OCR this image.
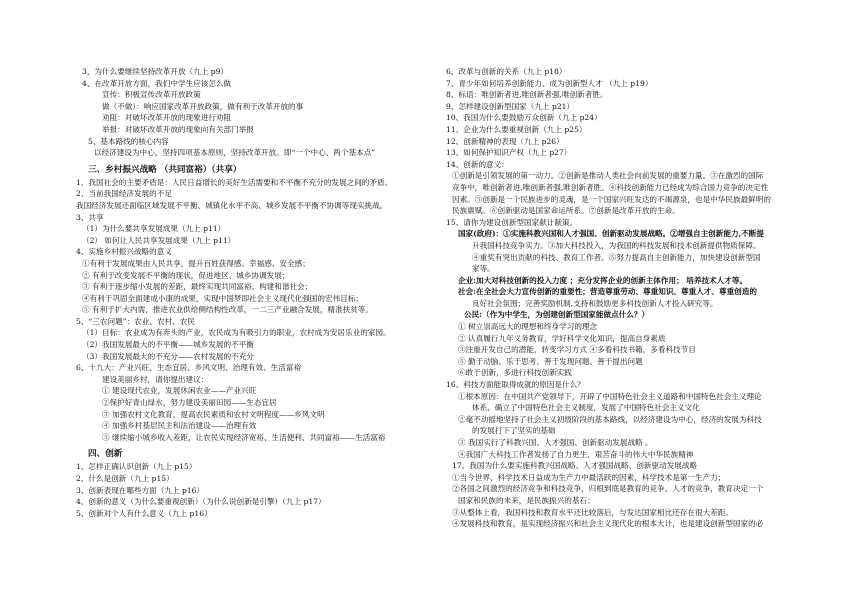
3、为什么要继续坚持改革开放（九上 p9）
4、在改革开放方面，我们中学生应该怎么做
宣传：积极宣传改革开放政策
做（不做）：响应国家改革开放政策，做有利于改革开放的事
劝阻：对破坏改革开放的现象进行劝阻
举报：对破坏改革开放的现象向有关部门举报
5、基本路线的核心内容
以经济建设为中心，坚持四项基本原则，坚持改革开放。即“一个中心、两个基本点”
三、乡村振兴战略 （共同富裕）（共享）
1、我国社会的主要矛盾是：人民日益增长的美好生活需要和不平衡不充分的发展之间的矛盾。
2、当前我国经济发展的不足
我国经济发展还面临区域发展不平衡、城镇化水平不高、城乡发展不平衡不协调等现实挑战。
3、共享
（1）为什么要共享发展成果（九上 p11）
（2） 如何让人民共享发展成果（九上 p11）
4、实施乡村振兴战略的意义
①有利于发展成果由人民共享，提升百姓获得感、幸福感、安全感；
② 有利于改变发展不平衡的现状，促进地区、城乡协调发展；
③ 有利于逐步缩小发展的差距，最终实现共同富裕、构建和谐社会；
④有利于巩固全面建成小康的成果，实现中国梦即社会主义现代化强国的宏伟目标；
⑤ 有利于扩大内需，推进农业供给侧结构性改革，一二三产业融合发展，精准扶贫等。
5、“三农问题”：农业、农村、农民
（1）目标：农业成为有奔头的产业，农民成为有吸引力的职业，农村成为安居乐业的家园。
（2）我国发展最大的不平衡——城乡发展的不平衡
（3）我国发展最大的不充分——农村发展的不充分
6、十九大：产业兴旺、生态宜居、乡风文明、治理有效、生活富裕
建设美丽乡村，请你提出建议：
① 建设现代农业，发展休闲农业——产业兴旺
②保护好青山绿水，努力建设美丽田园——生态宜居
③ 加强农村文化教育，提高农民素质和农村文明程度——乡风文明
④ 加强乡村基层民主和法治建设——治理有效
⑤ 继续缩小城乡收入差距，让农民实现经济宽裕、生活便利、共同富裕——生活富裕
四、创新
1、怎样正确认识创新（九上 p15）
2、什么是创新（九上 p15）
3、创新表现在哪些方面（九上 p16）
4、创新的意义（为什么要重视创新）（为什么说创新是引擎）（九上 p17）
5、创新对个人有什么意义（九上 p16）
6、改革与创新的关系（九上 p18）
7、青少年如何培养创新能力、成为创新型人才 （九上 p19）
8、标语：唯创新者进,唯创新者强,唯创新者胜。
9、怎样建设创新型国家（九上 p21）
10、我国为什么要鼓励万众创新（九上 p24）
11、企业为什么要重视创新（九上 p25）
12、创新精神的表现（九上 p26）
13、如何保护知识产权（九上 p27）
14、创新的意义：
①创新是引领发展的第一动力。②创新是推动人类社会向前发展的重要力量。③在激烈的国际
竞争中，唯创新者进,唯创新者强,唯创新者胜。④科技创新能力已经成为综合国力竞争的决定性
因素。⑤创新是一个民族进步的灵魂，是一个国家兴旺发达的不竭源泉，也是中华民族最鲜明的
民族禀赋。⑥创新驱动是国家命运所系。⑦创新是改革开放的生命。
15、请你为建设创新型国家献计献策。
国家(政府)：①实施科教兴国和人才强国、创新驱动发展战略。②增强自主创新能力,不断提
升我国科技竞争实力。③加大科技投入，为我国的科技发展和技术创新提供物质保障。
④重奖有突出贡献的科技、教育工作者。⑤努力提高自主创新能力，加快建设创新型国
家等。
企业:加大对科技创新的投入力度 ；充分发挥企业的创新主体作用； 培养技术人才等。
社会:在全社会大力宣传创新的重要性；营造尊重劳动、尊重知识、尊重人才、尊重创造的
良好社会氛围；完善奖励机制,支持和鼓励更多科技创新人才投入研究等。
公民:（作为中学生，为创建创新型国家能做点什么？）
① 树立崇高远大的理想和终身学习的理念
② 认真履行九年义务教育，学好科学文化知识，提高自身素质
③注重开发自己的潜能，转变学习方式 ④多看科技书籍，多看科技节目
⑤ 勤于动脑、乐于思考、善于发现问题、善于提出问题
⑥敢于创新，多进行科技创新实践
16、科技方面能取得成就的原因是什么？
①根本原因：在中国共产党领导下，开辟了中国特色社会主义道路和中国特色社会主义理论
体系、确立了中国特色社会主义制度，发展了中国特色社会主义文化
②毫不动摇地坚持了社会主义初级阶段的基本路线，以经济建设为中心，经济的发展为科技
的发展打下了坚实的基础
③ 我国实行了科教兴国、人才强国、创新驱动发展战略 。
④我国广大科技工作者发扬了自力更生、艰苦奋斗的伟大中华民族精神
17、我国为什么要实施科教兴国战略、人才强国战略、创新驱动发展战略
①当今世界，科学技术日益成为生产力中最活跃的因素，科学技术是第一生产力；
②各国之间激烈的经济竞争和科技竞争，归根到底是教育的竞争、人才的竞争，教育决定一个
国家和民族的未来，是民族振兴的基石；
③从整体上看，我国科技和教育水平还比较落后，与发达国家相比还存在很大差距。
④发展科技和教育，是实现经济振兴和社会主义现代化的根本大计，也是建设创新型国家的必
